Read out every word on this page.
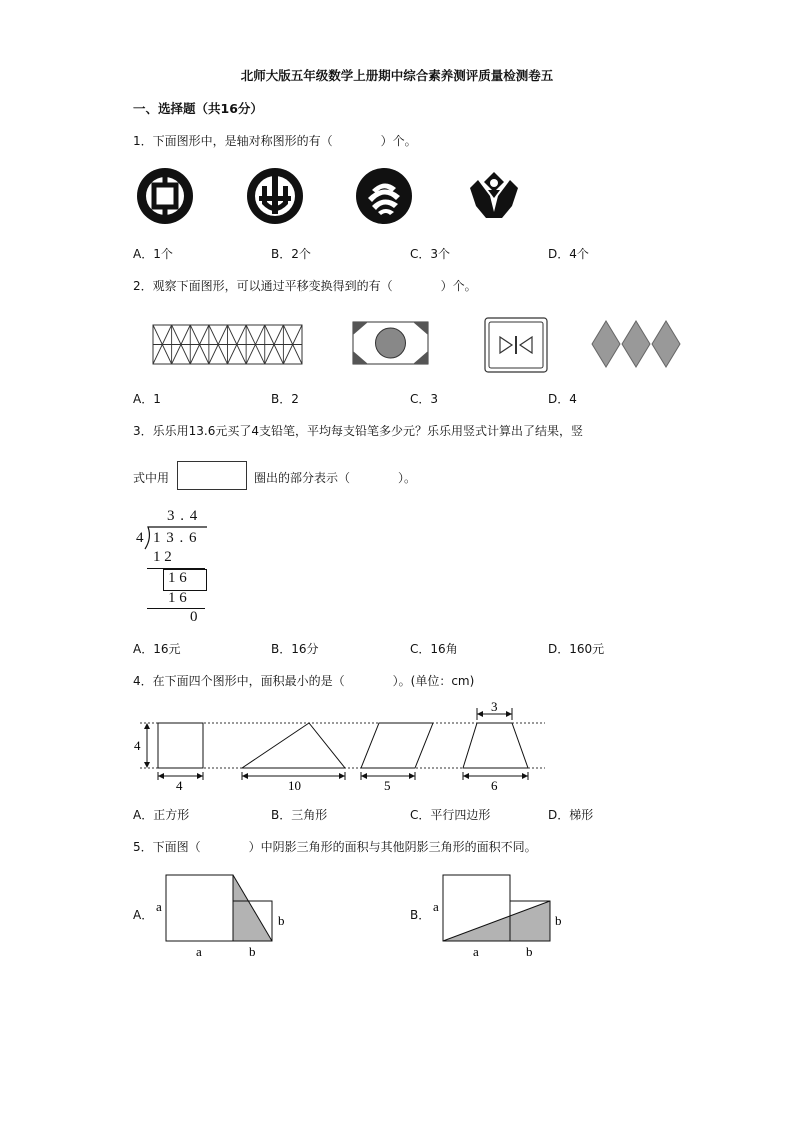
北师大版五年级数学上册期中综合素养测评质量检测卷五
一、选择题（共16分）
1．下面图形中，是轴对称图形的有（　　　　）个。
A．1个	B．2个	C．3个	D．4个
2．观察下面图形，可以通过平移变换得到的有（　　　　）个。
A．1	B．2	C．3	D．4
3．乐乐用13.6元买了4支铅笔，平均每支铅笔多少元？乐乐用竖式计算出了结果，竖
式中用	圈出的部分表示（　　　　）。
3 . 4
4 1 3 . 6
1 2
1 6
1 6
0
A．16元	B．16分	C．16角	D．160元
4．在下面四个图形中，面积最小的是（　　　　）。(单位：cm)
4
4	10	5
3
6
A．正方形	B．三角形	C．平行四边形	D．梯形
5．下面图（　　　　）中阴影三角形的面积与其他阴影三角形的面积不同。
A．
a
a	b
b	B．
a
a	b
b
